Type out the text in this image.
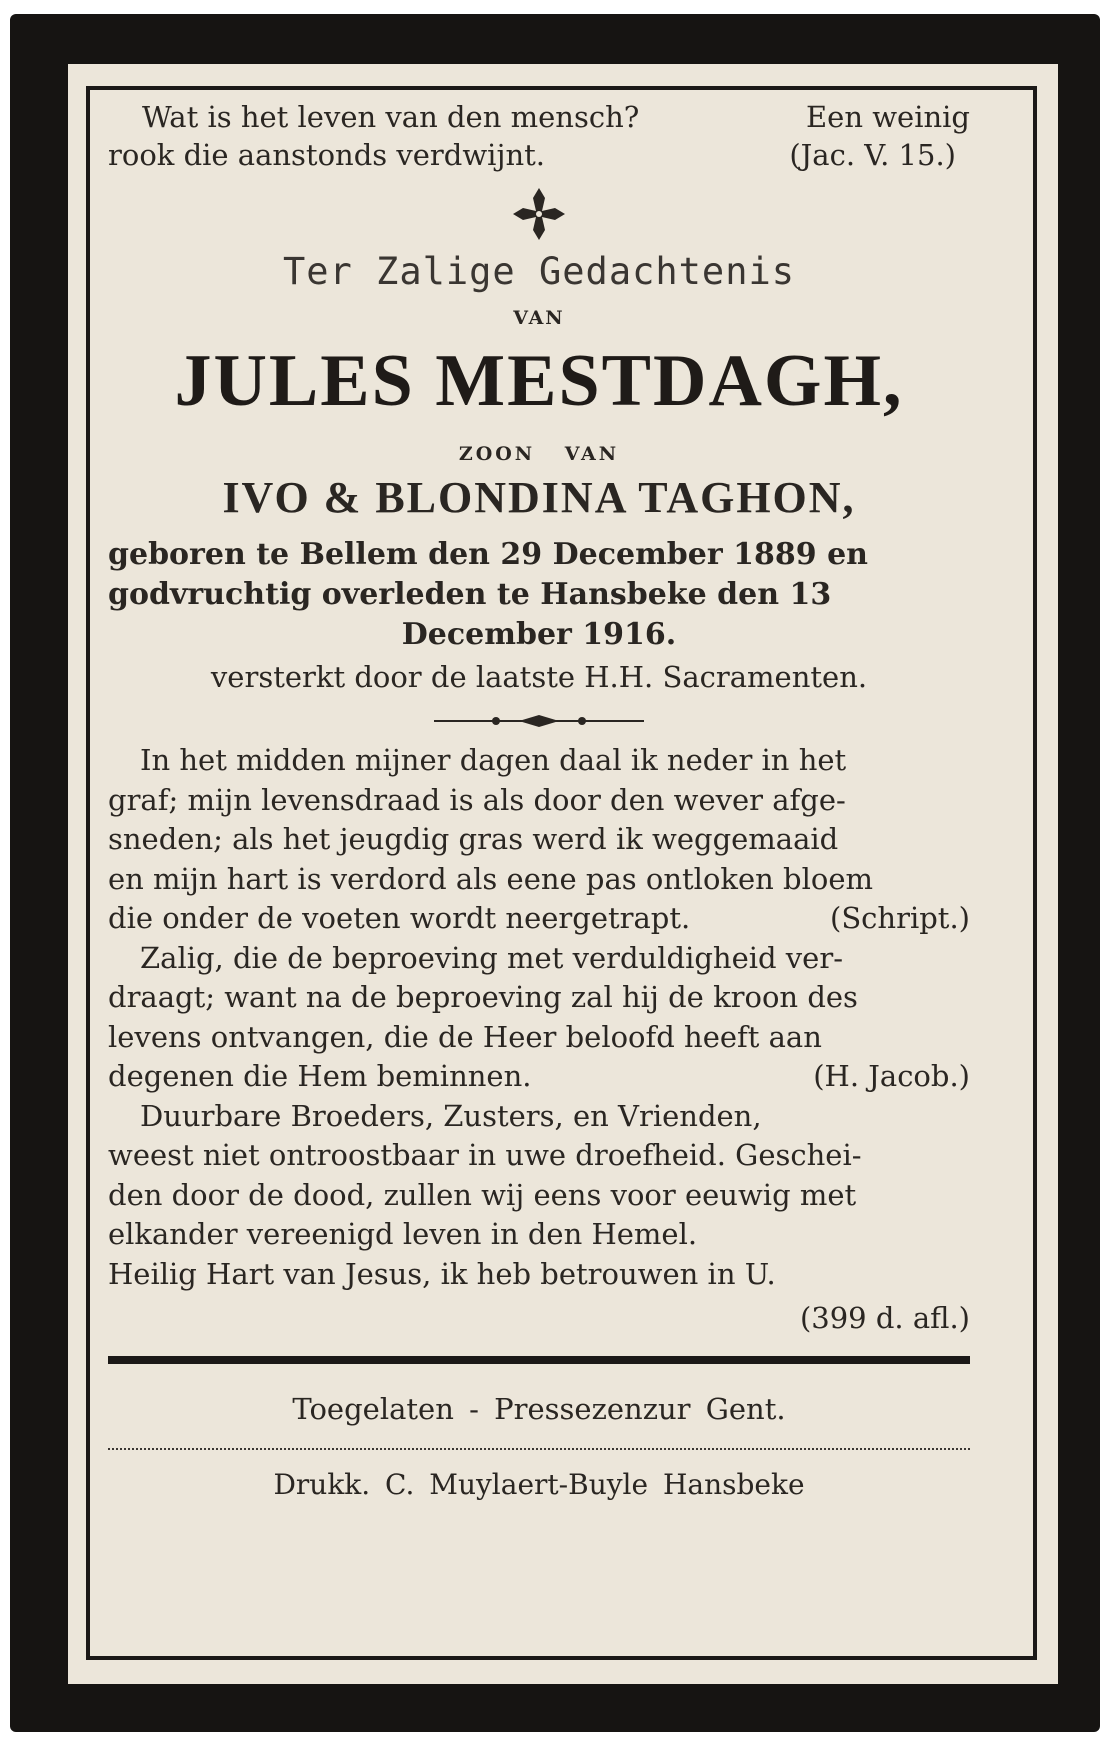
Wat is het leven van den mensch?	Een weinig
rook die aanstonds verdwijnt.	(Jac. V. 15.)
Ter Zalige Gedachtenis
VAN
JULES MESTDAGH,
ZOON VAN
IVO & BLONDINA TAGHON,
geboren te Bellem den 29 December 1889 en
godvruchtig overleden te Hansbeke den 13
December 1916.
versterkt door de laatste H.H. Sacramenten.
In het midden mijner dagen daal ik neder in het
graf; mijn levensdraad is als door den wever afge-
sneden; als het jeugdig gras werd ik weggemaaid
en mijn hart is verdord als eene pas ontloken bloem
die onder de voeten wordt neergetrapt.	(Schript.)
Zalig, die de beproeving met verduldigheid ver-
draagt; want na de beproeving zal hij de kroon des
levens ontvangen, die de Heer beloofd heeft aan
degenen die Hem beminnen.	(H. Jacob.)
Duurbare Broeders, Zusters, en Vrienden,
weest niet ontroostbaar in uwe droefheid. Geschei-
den door de dood, zullen wij eens voor eeuwig met
elkander vereenigd leven in den Hemel.
Heilig Hart van Jesus, ik heb betrouwen in U.
(399 d. afl.)
Toegelaten - Pressezenzur Gent.
Drukk. C. Muylaert-Buyle Hansbeke
